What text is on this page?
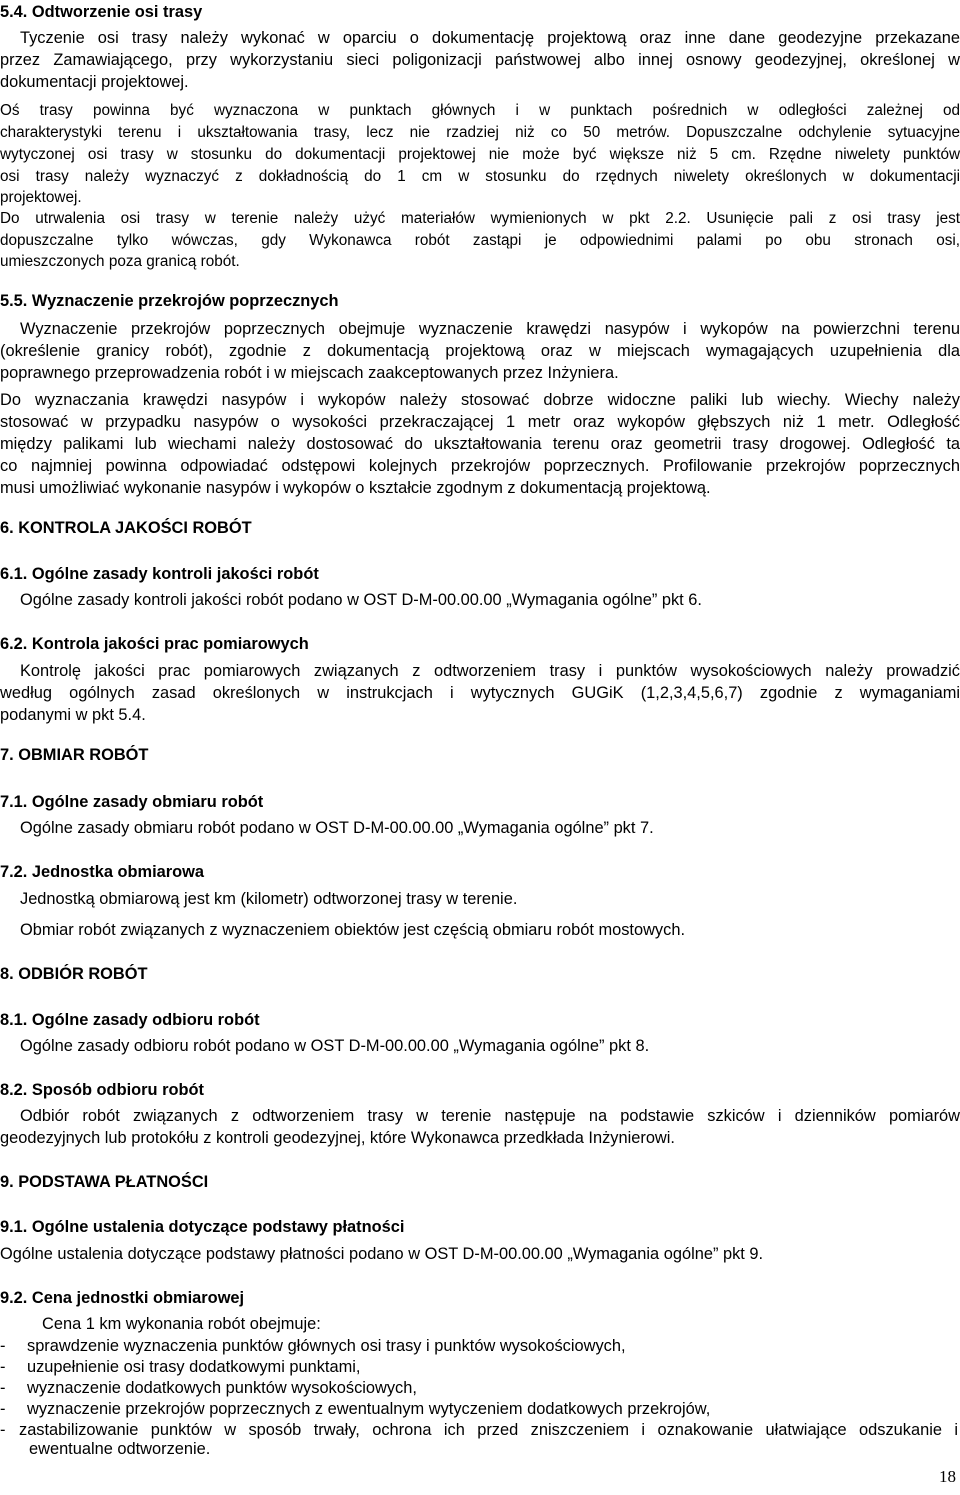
5.4. Odtworzenie osi trasy
Tyczenie osi trasy należy wykonać w oparciu o dokumentację projektową oraz inne dane geodezyjne przekazane
przez Zamawiającego, przy wykorzystaniu sieci poligonizacji państwowej albo innej osnowy geodezyjnej, określonej w
dokumentacji projektowej.
Oś trasy powinna być wyznaczona w punktach głównych i w punktach pośrednich w odległości zależnej od
charakterystyki terenu i ukształtowania trasy, lecz nie rzadziej niż co 50 metrów. Dopuszczalne odchylenie sytuacyjne
wytyczonej osi trasy w stosunku do dokumentacji projektowej nie może być większe niż 5 cm. Rzędne niwelety punktów
osi trasy należy wyznaczyć z dokładnością do 1 cm w stosunku do rzędnych niwelety określonych w dokumentacji
projektowej.
Do utrwalenia osi trasy w terenie należy użyć materiałów wymienionych w pkt 2.2. Usunięcie pali z osi trasy jest
dopuszczalne tylko wówczas, gdy Wykonawca robót zastąpi je odpowiednimi palami po obu stronach osi,
umieszczonych poza granicą robót.
5.5. Wyznaczenie przekrojów poprzecznych
Wyznaczenie przekrojów poprzecznych obejmuje wyznaczenie krawędzi nasypów i wykopów na powierzchni terenu
(określenie granicy robót), zgodnie z dokumentacją projektową oraz w miejscach wymagających uzupełnienia dla
poprawnego przeprowadzenia robót i w miejscach zaakceptowanych przez Inżyniera.
Do wyznaczania krawędzi nasypów i wykopów należy stosować dobrze widoczne paliki lub wiechy. Wiechy należy
stosować w przypadku nasypów o wysokości przekraczającej 1 metr oraz wykopów głębszych niż 1 metr. Odległość
między palikami lub wiechami należy dostosować do ukształtowania terenu oraz geometrii trasy drogowej. Odległość ta
co najmniej powinna odpowiadać odstępowi kolejnych przekrojów poprzecznych. Profilowanie przekrojów poprzecznych
musi umożliwiać wykonanie nasypów i wykopów o kształcie zgodnym z dokumentacją projektową.
6. KONTROLA JAKOŚCI ROBÓT
6.1. Ogólne zasady kontroli jakości robót
Ogólne zasady kontroli jakości robót podano w OST D-M-00.00.00 „Wymagania ogólne” pkt 6.
6.2. Kontrola jakości prac pomiarowych
Kontrolę jakości prac pomiarowych związanych z odtworzeniem trasy i punktów wysokościowych należy prowadzić
według ogólnych zasad określonych w instrukcjach i wytycznych GUGiK (1,2,3,4,5,6,7) zgodnie z wymaganiami
podanymi w pkt 5.4.
7. OBMIAR ROBÓT
7.1. Ogólne zasady obmiaru robót
Ogólne zasady obmiaru robót podano w OST D-M-00.00.00 „Wymagania ogólne” pkt 7.
7.2. Jednostka obmiarowa
Jednostką obmiarową jest km (kilometr) odtworzonej trasy w terenie.
Obmiar robót związanych z wyznaczeniem obiektów jest częścią obmiaru robót mostowych.
8. ODBIÓR ROBÓT
8.1. Ogólne zasady odbioru robót
Ogólne zasady odbioru robót podano w OST D-M-00.00.00 „Wymagania ogólne” pkt 8.
8.2. Sposób odbioru robót
Odbiór robót związanych z odtworzeniem trasy w terenie następuje na podstawie szkiców i dzienników pomiarów
geodezyjnych lub protokółu z kontroli geodezyjnej, które Wykonawca przedkłada Inżynierowi.
9. PODSTAWA PŁATNOŚCI
9.1. Ogólne ustalenia dotyczące podstawy płatności
Ogólne ustalenia dotyczące podstawy płatności podano w OST D-M-00.00.00 „Wymagania ogólne” pkt 9.
9.2. Cena jednostki obmiarowej
Cena 1 km wykonania robót obejmuje:
- sprawdzenie wyznaczenia punktów głównych osi trasy i punktów wysokościowych,
- uzupełnienie osi trasy dodatkowymi punktami,
- wyznaczenie dodatkowych punktów wysokościowych,
- wyznaczenie przekrojów poprzecznych z ewentualnym wytyczeniem dodatkowych przekrojów,
- zastabilizowanie punktów w sposób trwały, ochrona ich przed zniszczeniem i oznakowanie ułatwiające odszukanie i
ewentualne odtworzenie.
18
